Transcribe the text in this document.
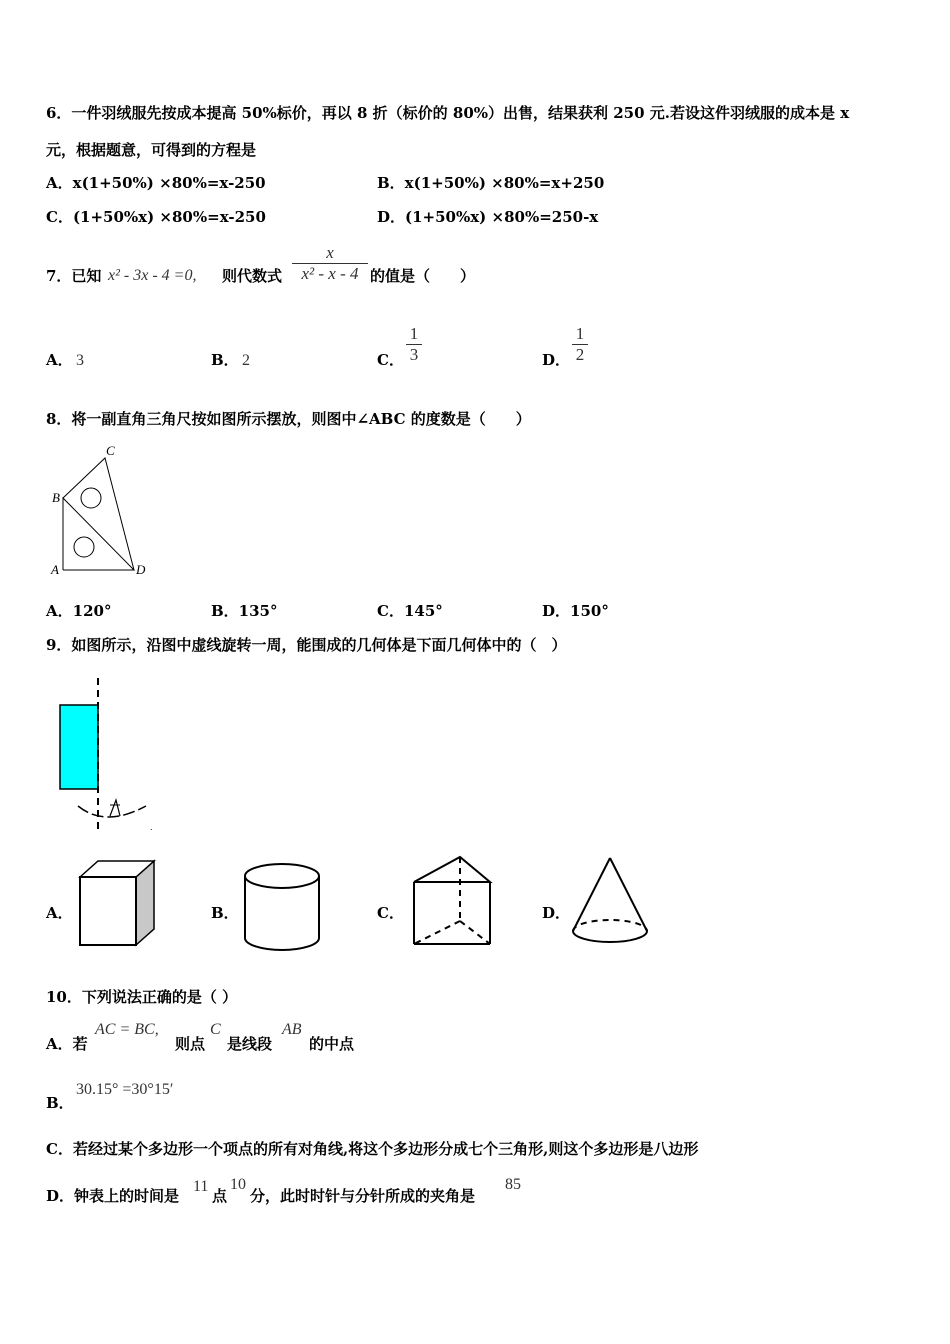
6．一件羽绒服先按成本提高 50%标价，再以 8 折（标价的 80%）出售，结果获利 250 元.若设这件羽绒服的成本是 x
元，根据题意，可得到的方程是
A．x(1+50%) ×80%=x-250	B．x(1+50%) ×80%=x+250
C．(1+50%x) ×80%=x-250	D．(1+50%x) ×80%=250-x
7．已知 x² - 3x - 4 =0, 则代数式
x
x² - x - 4 的值是（　　）
A． 3	B． 2	C．
1
3	D．
1
2
8．将一副直角三角尺按如图所示摆放，则图中∠ABC 的度数是（　　）
C
B
A	D
A．120°	B．135°	C．145°	D．150°
9．如图所示，沿图中虚线旋转一周，能围成的几何体是下面几何体中的（　）
.
A．	B．	C．	D．
10．下列说法正确的是（ ）
A．若
AC = BC,
则点
C
是线段
AB
的中点
30.15° =30°15′
B．
C．若经过某个多边形一个项点的所有对角线,将这个多边形分成七个三角形,则这个多边形是八边形
D．钟表上的时间是
11
点
10
分，此时时针与分针所成的夹角是
85
